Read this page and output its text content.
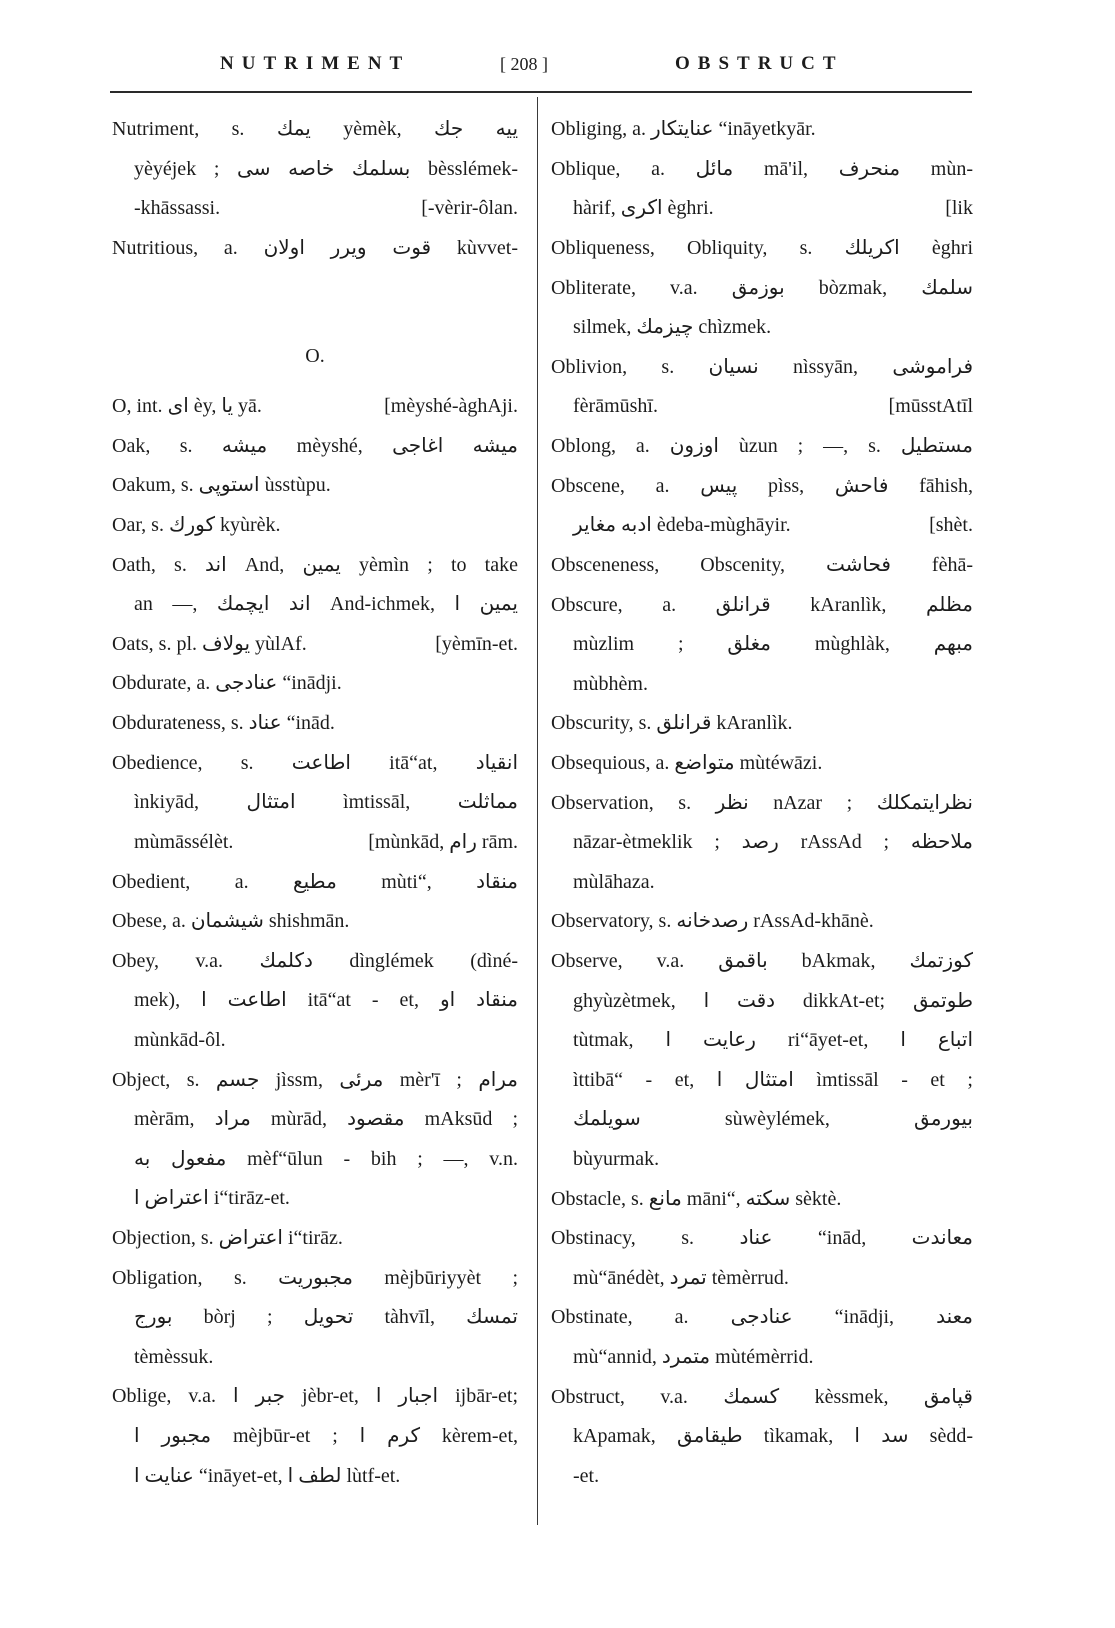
NUTRIMENT	[ 208 ]	OBSTRUCT
Nutriment, s. یمك yèmèk, ییه جك
yèyéjek ; بسلمك خاصه سی bèsslémek-
-khāssassi.	[-vèrir-ôlan.
Nutritious, a. قوت ویرر اولان kùvvet-
O.
O, int. ای èy, یا yā.	[mèyshé-àghAji.
Oak, s. میشه mèyshé, میشه اغاجی
Oakum, s. استوپی ùsstùpu.
Oar, s. كورك kyùrèk.
Oath, s. اند And, یمین yèmìn ; to take
an —, اند ایچمك And-ichmek, یمین ا
Oats, s. pl. یولاف yùlAf.	[yèmīn-et.
Obdurate, a. عنادجی “inādji.
Obdurateness, s. عناد “inād.
Obedience, s. اطاعت itā“at, انقیاد
ìnkiyād, امتثال ìmtissāl, مماثلت
mùmāssélèt.	[mùnkād, رام rām.
Obedient, a. مطیع mùti“, منقاد
Obese, a. شیشمان shishmān.
Obey, v.a. دكلمك dìnglémek (dìné-
mek), اطاعت ا itā“at - et, منقاد او
mùnkād-ôl.
Object, s. جسم jìssm, مرئی mèr'ī ; مرام
mèrām, مراد mùrād, مقصود mAksūd ;
مفعول به mèf“ūlun - bih ; —, v.n.
اعتراض ا i“tirāz-et.
Objection, s. اعتراض i“tirāz.
Obligation, s. مجبوریت mèjbūriyyèt ;
بورج bòrj ; تحویل tàhvīl, تمسك
tèmèssuk.
Oblige, v.a. جبر ا jèbr-et, اجبار ا ijbār-et;
مجبور ا mèjbūr-et ; كرم ا kèrem-et,
عنایت ا “ināyet-et, لطف ا lùtf-et.
Obliging, a. عنایتكار “ināyetkyār.
Oblique, a. مائل mā'il, منحرف mùn-
hàrif, اكری èghri.	[lik
Obliqueness, Obliquity, s. اكریلك èghri
Obliterate, v.a. بوزمق bòzmak, سلمك
silmek, چیزمك chìzmek.
Oblivion, s. نسیان nìssyān, فراموشی
fèrāmūshī.	[mūsstAtīl
Oblong, a. اوزون ùzun ; —, s. مستطیل
Obscene, a. پیس pìss, فاحش fāhish,
ادبه مغایر èdeba-mùghāyir.	[shèt.
Obsceneness, Obscenity, فحاشت fèhā-
Obscure, a. قرانلق kAranlìk, مظلم
mùzlim ; مغلق mùghlàk, مبهم
mùbhèm.
Obscurity, s. قرانلق kAranlìk.
Obsequious, a. متواضع mùtéwāzi.
Observation, s. نظر nAzar ; نظرایتمكلك
nāzar-ètmeklik ; رصد rAssAd ; ملاحظه
mùlāhaza.
Observatory, s. رصدخانه rAssAd-khānè.
Observe, v.a. باقمق bAkmak, كوزتمك
ghyùzètmek, دقت ا dikkAt-et; طوتمق
tùtmak, رعایت ا ri“āyet-et, اتباع ا
ìttibā“ - et, امتثال ا ìmtissāl - et ;
سویلمك sùwèylémek, بیورمق
bùyurmak.
Obstacle, s. مانع māni“, سكته sèktè.
Obstinacy, s. عناد “inād, معاندت
mù“ānédèt, تمرد tèmèrrud.
Obstinate, a. عنادجی “inādji, معند
mù“annid, متمرد mùtémèrrid.
Obstruct, v.a. كسمك kèssmek, قپامق
kApamak, طیقامق tìkamak, سد ا sèdd-
-et.
